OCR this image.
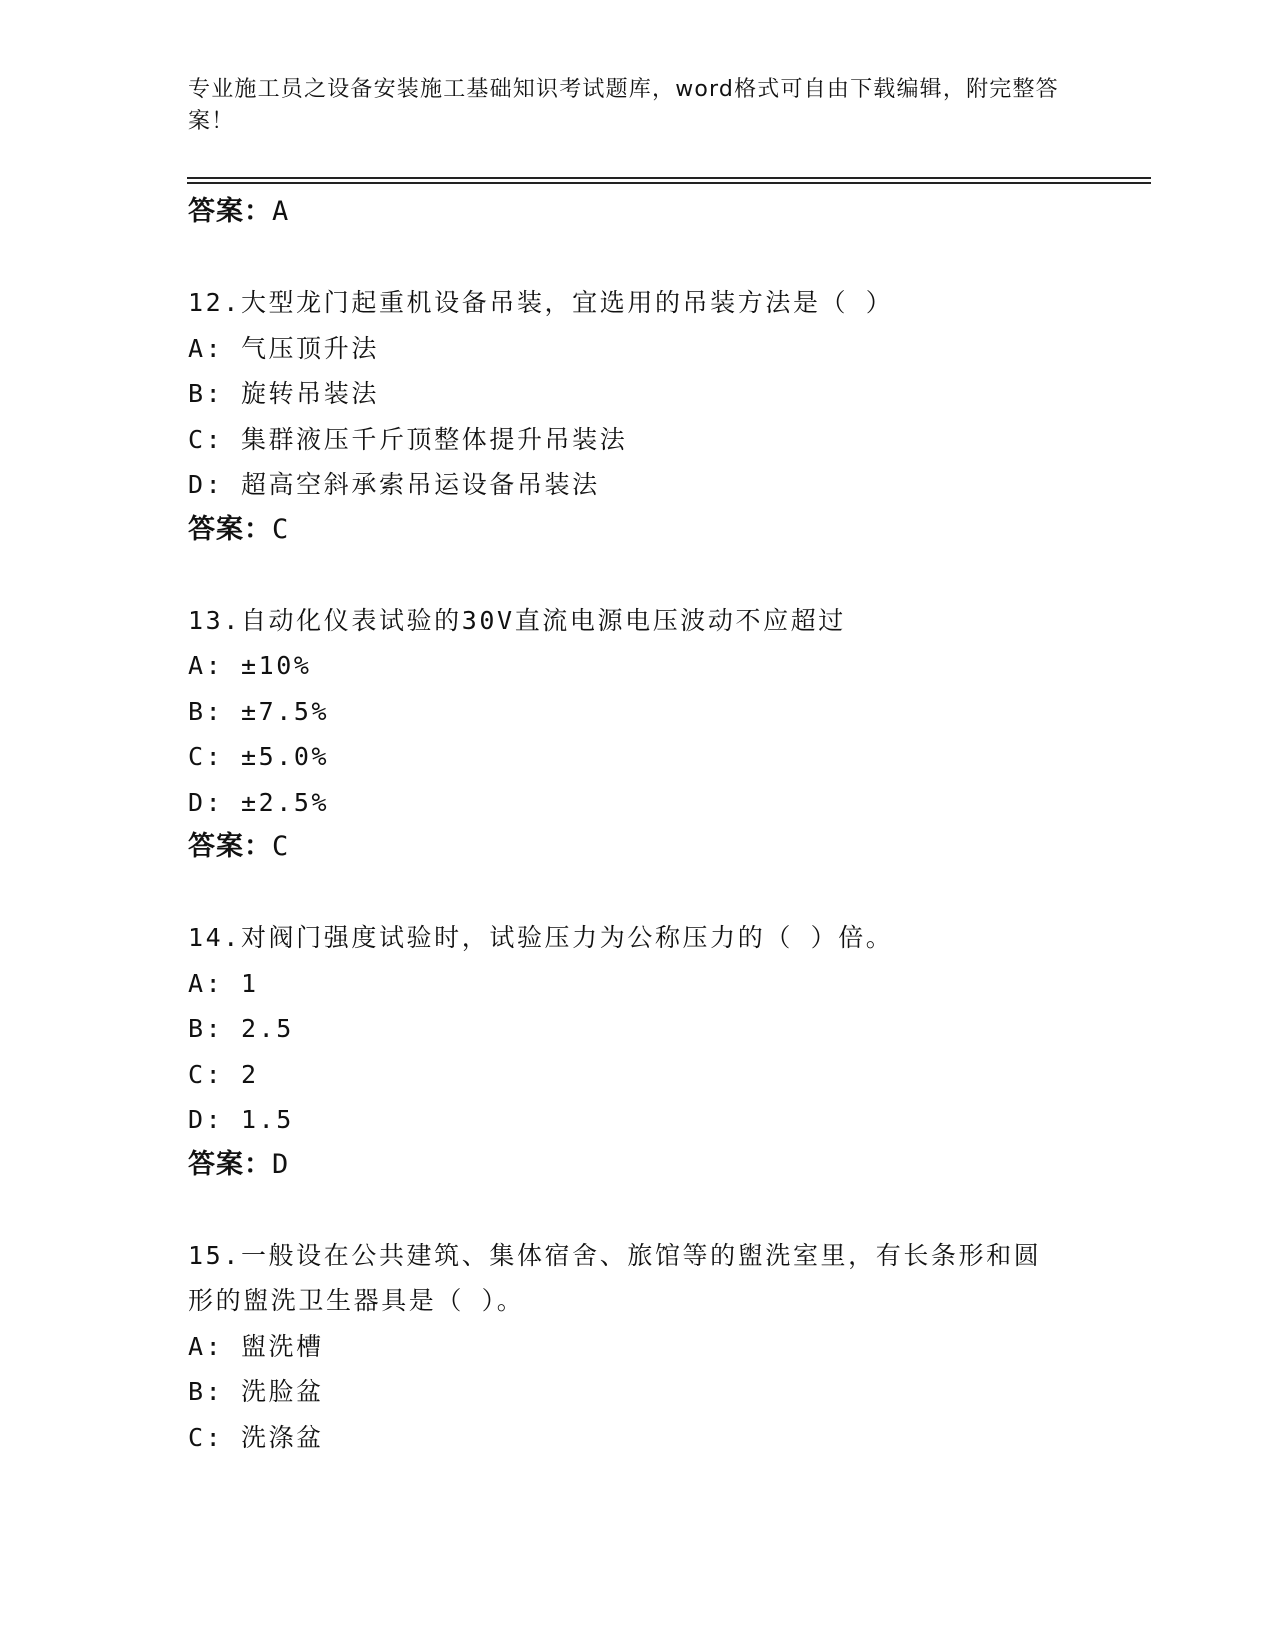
专业施工员之设备安装施工基础知识考试题库，word格式可自由下载编辑，附完整答案！
答案：A

12.大型龙门起重机设备吊装，宜选用的吊装方法是（ ）

A: 气压顶升法

B: 旋转吊装法

C: 集群液压千斤顶整体提升吊装法

D: 超高空斜承索吊运设备吊装法

答案：C

13.自动化仪表试验的30V直流电源电压波动不应超过

A: ±10%

B: ±7.5%

C: ±5.0%

D: ±2.5%

答案：C

14.对阀门强度试验时，试验压力为公称压力的（ ）倍。

A: 1

B: 2.5

C: 2

D: 1.5

答案：D

15.一般设在公共建筑、集体宿舍、旅馆等的盥洗室里，有长条形和圆形的盥洗卫生器具是（ ）。

A: 盥洗槽

B: 洗脸盆

C: 洗涤盆
